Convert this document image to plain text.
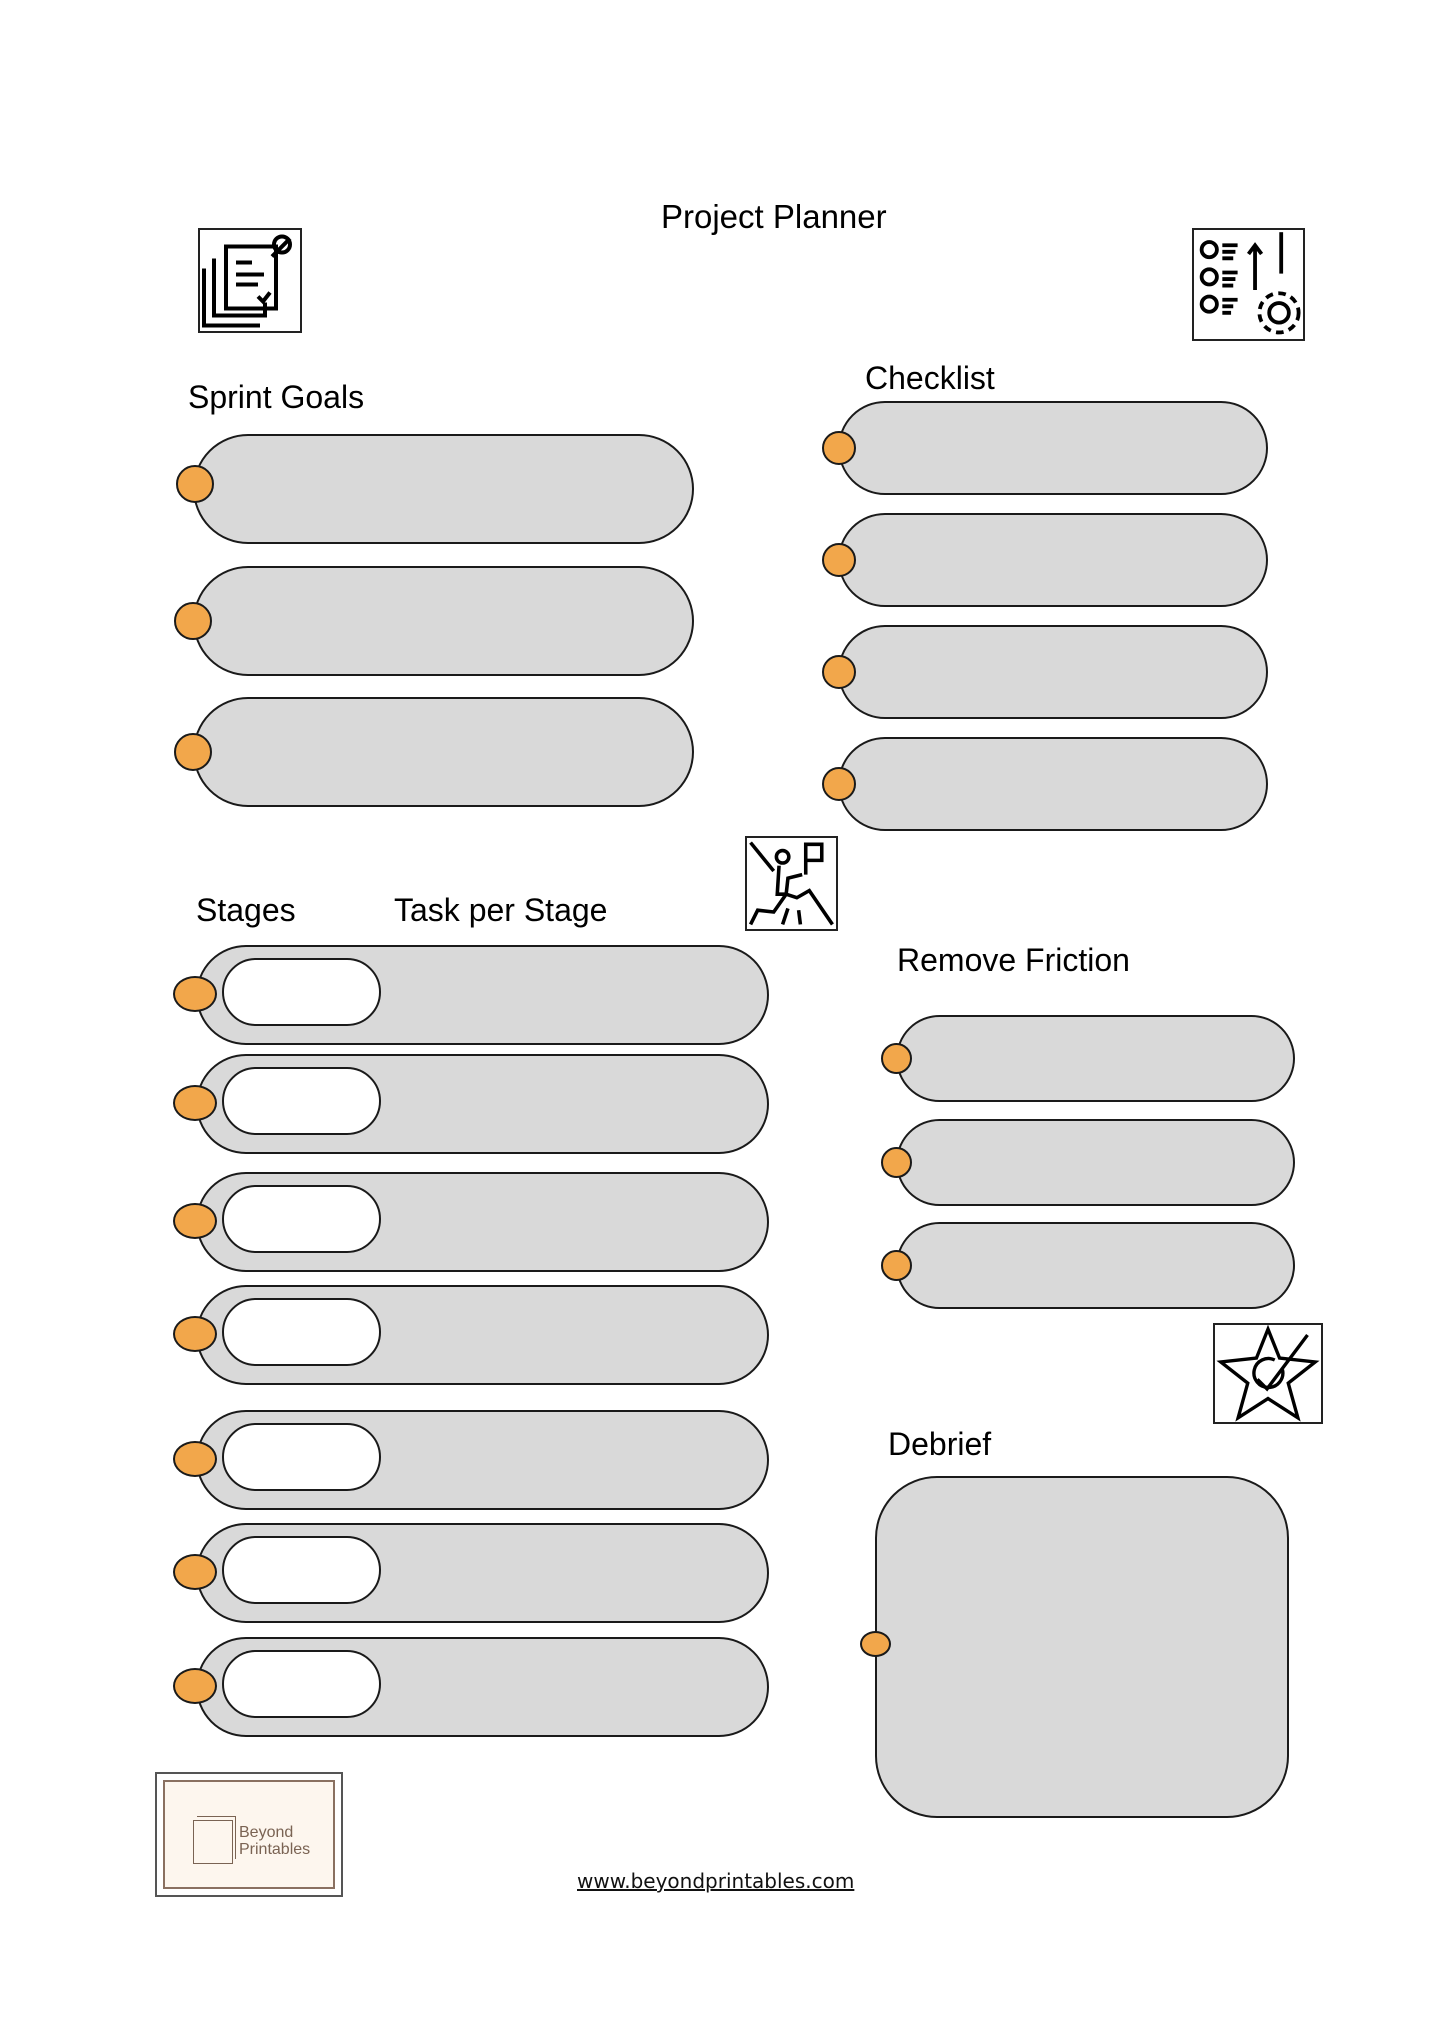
Project Planner
Sprint Goals
Checklist
Stages	Task per Stage
Remove Friction
Debrief
Beyond
Printables
www.beyondprintables.com
